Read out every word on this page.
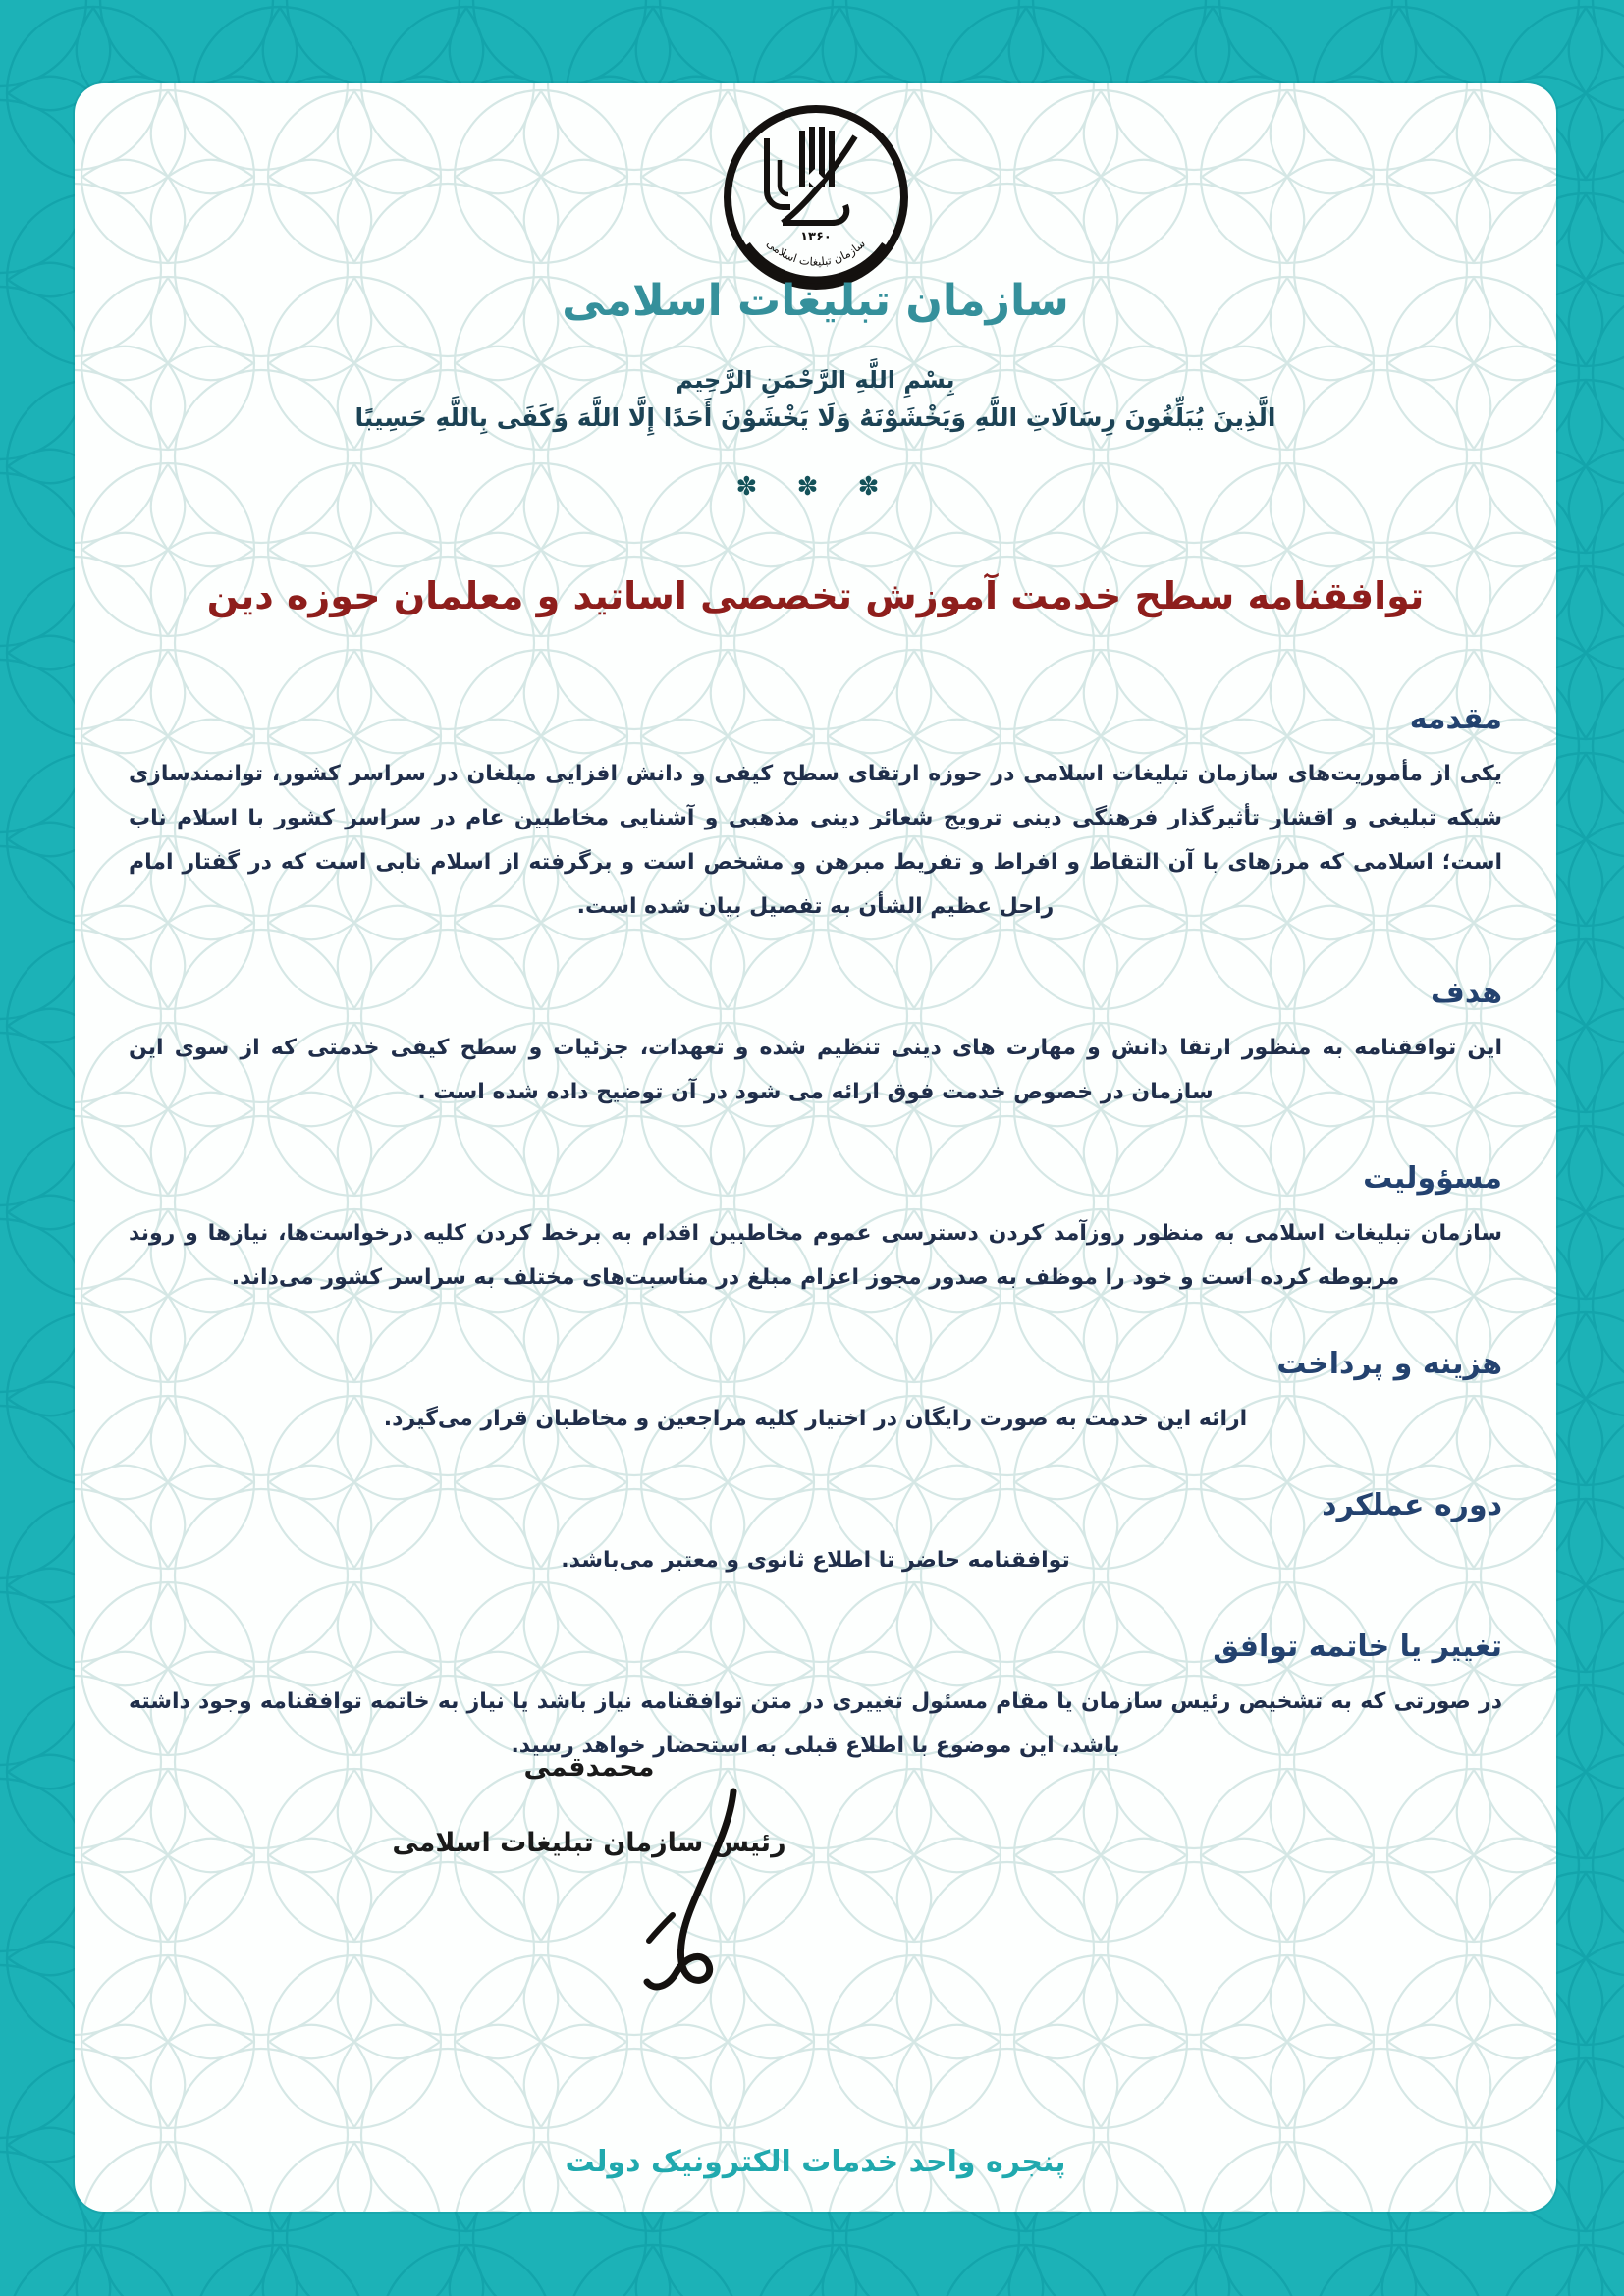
۱۳۶۰
سازمان تبلیغات اسلامی
سازمان تبلیغات اسلامی
بِسْمِ اللَّهِ الرَّحْمَنِ الرَّحِيم
الَّذِينَ يُبَلِّغُونَ رِسَالَاتِ اللَّهِ وَيَخْشَوْنَهُ وَلَا يَخْشَوْنَ أَحَدًا إِلَّا اللَّهَ وَكَفَى بِاللَّهِ حَسِيبًا
✽ ✽ ✽
توافقنامه سطح خدمت آموزش تخصصی اساتید و معلمان حوزه دین
مقدمه

یکی از مأموریت‌های سازمان تبلیغات اسلامی در حوزه ارتقای سطح کیفی و دانش افزایی مبلغان در سراسر کشور، توانمندسازی شبکه تبلیغی و اقشار تأثیرگذار فرهنگی دینی ترویج شعائر دینی مذهبی و آشنایی مخاطبین عام در سراسر کشور با اسلام ناب است؛ اسلامی که مرزهای با آن التقاط و افراط و تفریط مبرهن و مشخص است و برگرفته از اسلام نابی است که در گفتار امام راحل عظیم الشأن به تفصیل بیان شده است.

هدف

این توافقنامه به منظور ارتقا دانش و مهارت های دینی تنظیم شده و تعهدات، جزئیات و سطح کیفی خدمتی که از سوی این سازمان در خصوص خدمت فوق ارائه می شود در آن توضیح داده شده است .

مسؤولیت

سازمان تبلیغات اسلامی به منظور روزآمد کردن دسترسی عموم مخاطبین اقدام به برخط کردن کلیه درخواست‌ها، نیازها و روند مربوطه کرده است و خود را موظف به صدور مجوز اعزام مبلغ در مناسبت‌های مختلف به سراسر کشور می‌داند.

هزینه و پرداخت

ارائه این خدمت به صورت رایگان در اختیار کلیه مراجعین و مخاطبان قرار می‌گیرد.

دوره عملکرد

توافقنامه حاضر تا اطلاع ثانوی و معتبر می‌باشد.

تغییر یا خاتمه توافق

در صورتی که به تشخیص رئیس سازمان یا مقام مسئول تغییری در متن توافقنامه نیاز باشد یا نیاز به خاتمه توافقنامه وجود داشته باشد، این موضوع با اطلاع قبلی به استحضار خواهد رسید.

محمدقمی
رئیس سازمان تبلیغات اسلامی
پنجره واحد خدمات الکترونیک دولت
